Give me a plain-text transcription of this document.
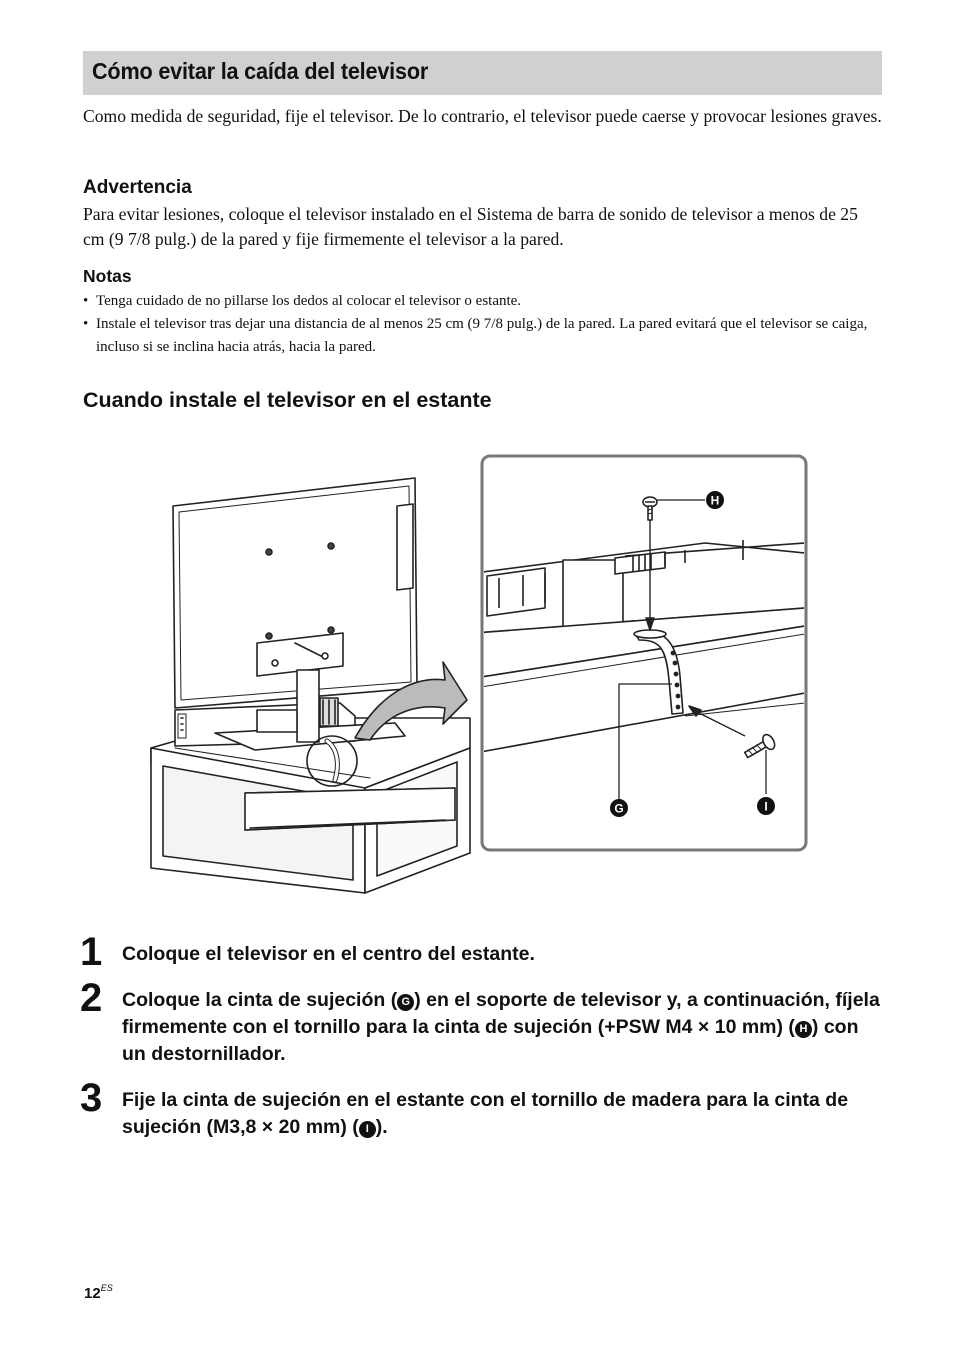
Cómo evitar la caída del televisor

Como medida de seguridad, fije el televisor. De lo contrario, el televisor puede caerse y provocar lesiones graves.

Advertencia

Para evitar lesiones, coloque el televisor instalado en el Sistema de barra de sonido de televisor a menos de 25 cm (9 7/8 pulg.) de la pared y fije firmemente el televisor a la pared.

Notas
• Tenga cuidado de no pillarse los dedos al colocar el televisor o estante.
• Instale el televisor tras dejar una distancia de al menos 25 cm (9 7/8 pulg.) de la pared. La pared evitará que el televisor se caiga, incluso si se inclina hacia atrás, hacia la pared.
Cuando instale el televisor en el estante
H
G	I
1 Coloque el televisor en el centro del estante.

2 Coloque la cinta de sujeción ( G ) en el soporte de televisor y, a continuación, fíjela firmemente con el tornillo para la cinta de sujeción (+PSW M4 × 10 mm) ( H ) con un destornillador.

3 Fije la cinta de sujeción en el estante con el tornillo de madera para la cinta de sujeción (M3,8 × 20 mm) ( I ).

$12^{ES}$
